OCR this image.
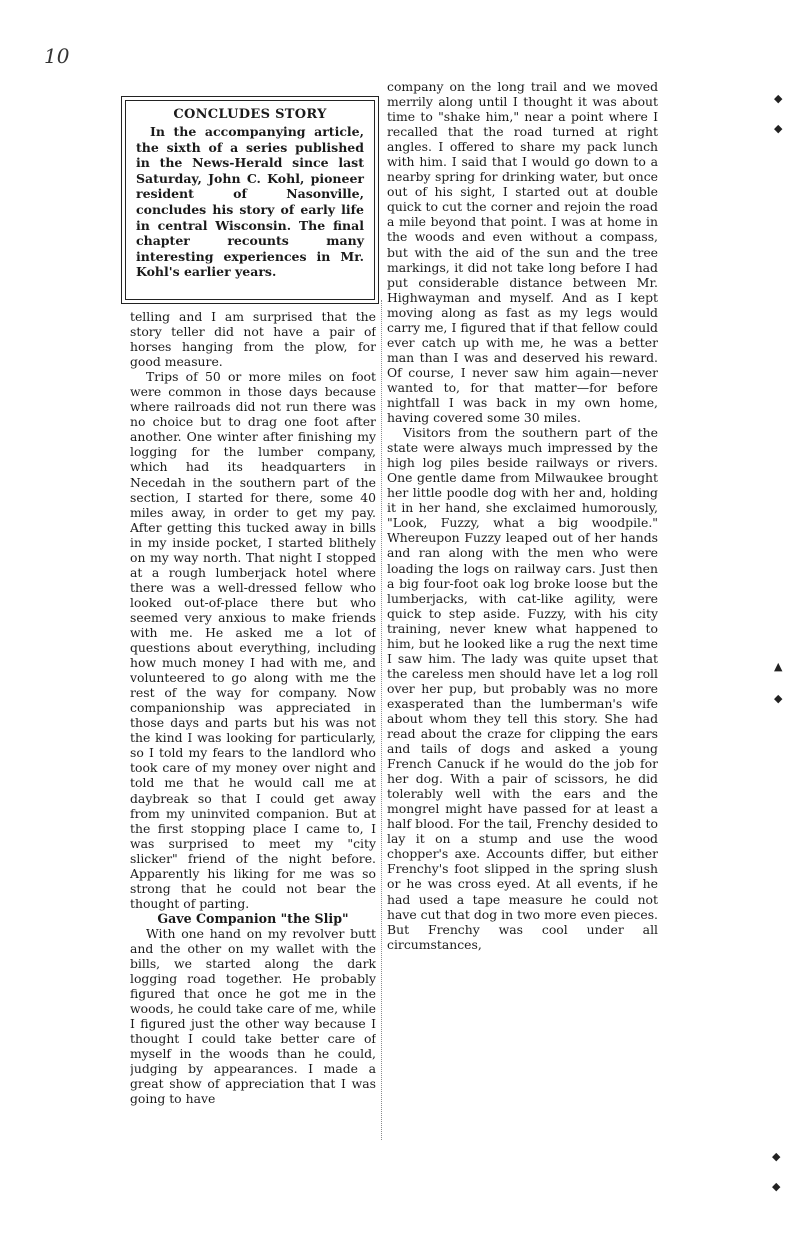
10
CONCLUDES STORY

In the accompanying article, the sixth of a series published in the News-Herald since last Saturday, John C. Kohl, pioneer resident of Nasonville, concludes his story of early life in central Wisconsin. The final chapter recounts many interesting experiences in Mr. Kohl's earlier years.

telling and I am surprised that the story teller did not have a pair of horses hanging from the plow, for good measure.

Trips of 50 or more miles on foot were common in those days because where railroads did not run there was no choice but to drag one foot after another. One winter after finishing my logging for the lumber company, which had its headquarters in Necedah in the southern part of the section, I started for there, some 40 miles away, in order to get my pay. After getting this tucked away in bills in my inside pocket, I started blithely on my way north. That night I stopped at a rough lumberjack hotel where there was a well-dressed fellow who looked out-of-place there but who seemed very anxious to make friends with me. He asked me a lot of questions about everything, including how much money I had with me, and volunteered to go along with me the rest of the way for company. Now companionship was appreciated in those days and parts but his was not the kind I was looking for particularly, so I told my fears to the landlord who took care of my money over night and told me that he would call me at daybreak so that I could get away from my uninvited companion. But at the first stopping place I came to, I was surprised to meet my "city slicker" friend of the night before. Apparently his liking for me was so strong that he could not bear the thought of parting.

Gave Companion "the Slip"

With one hand on my revolver butt and the other on my wallet with the bills, we started along the dark logging road together. He probably figured that once he got me in the woods, he could take care of me, while I figured just the other way because I thought I could take better care of myself in the woods than he could, judging by appearances. I made a great show of appreciation that I was going to have

company on the long trail and we moved merrily along until I thought it was about time to "shake him," near a point where I recalled that the road turned at right angles. I offered to share my pack lunch with him. I said that I would go down to a nearby spring for drinking water, but once out of his sight, I started out at double quick to cut the corner and rejoin the road a mile beyond that point. I was at home in the woods and even without a compass, but with the aid of the sun and the tree markings, it did not take long before I had put considerable distance between Mr. Highwayman and myself. And as I kept moving along as fast as my legs would carry me, I figured that if that fellow could ever catch up with me, he was a better man than I was and deserved his reward. Of course, I never saw him again—never wanted to, for that matter—for before nightfall I was back in my own home, having covered some 30 miles.

Visitors from the southern part of the state were always much impressed by the high log piles beside railways or rivers. One gentle dame from Milwaukee brought her little poodle dog with her and, holding it in her hand, she exclaimed humorously, "Look, Fuzzy, what a big woodpile." Whereupon Fuzzy leaped out of her hands and ran along with the men who were loading the logs on railway cars. Just then a big four-foot oak log broke loose but the lumberjacks, with cat-like agility, were quick to step aside. Fuzzy, with his city training, never knew what happened to him, but he looked like a rug the next time I saw him. The lady was quite upset that the careless men should have let a log roll over her pup, but probably was no more exasperated than the lumberman's wife about whom they tell this story. She had read about the craze for clipping the ears and tails of dogs and asked a young French Canuck if he would do the job for her dog. With a pair of scissors, he did tolerably well with the ears and the mongrel might have passed for at least a half blood. For the tail, Frenchy desided to lay it on a stump and use the wood chopper's axe. Accounts differ, but either Frenchy's foot slipped in the spring slush or he was cross eyed. At all events, if he had used a tape measure he could not have cut that dog in two more even pieces. But Frenchy was cool under all circumstances,

◆
◆
▲
◆
◆
◆
